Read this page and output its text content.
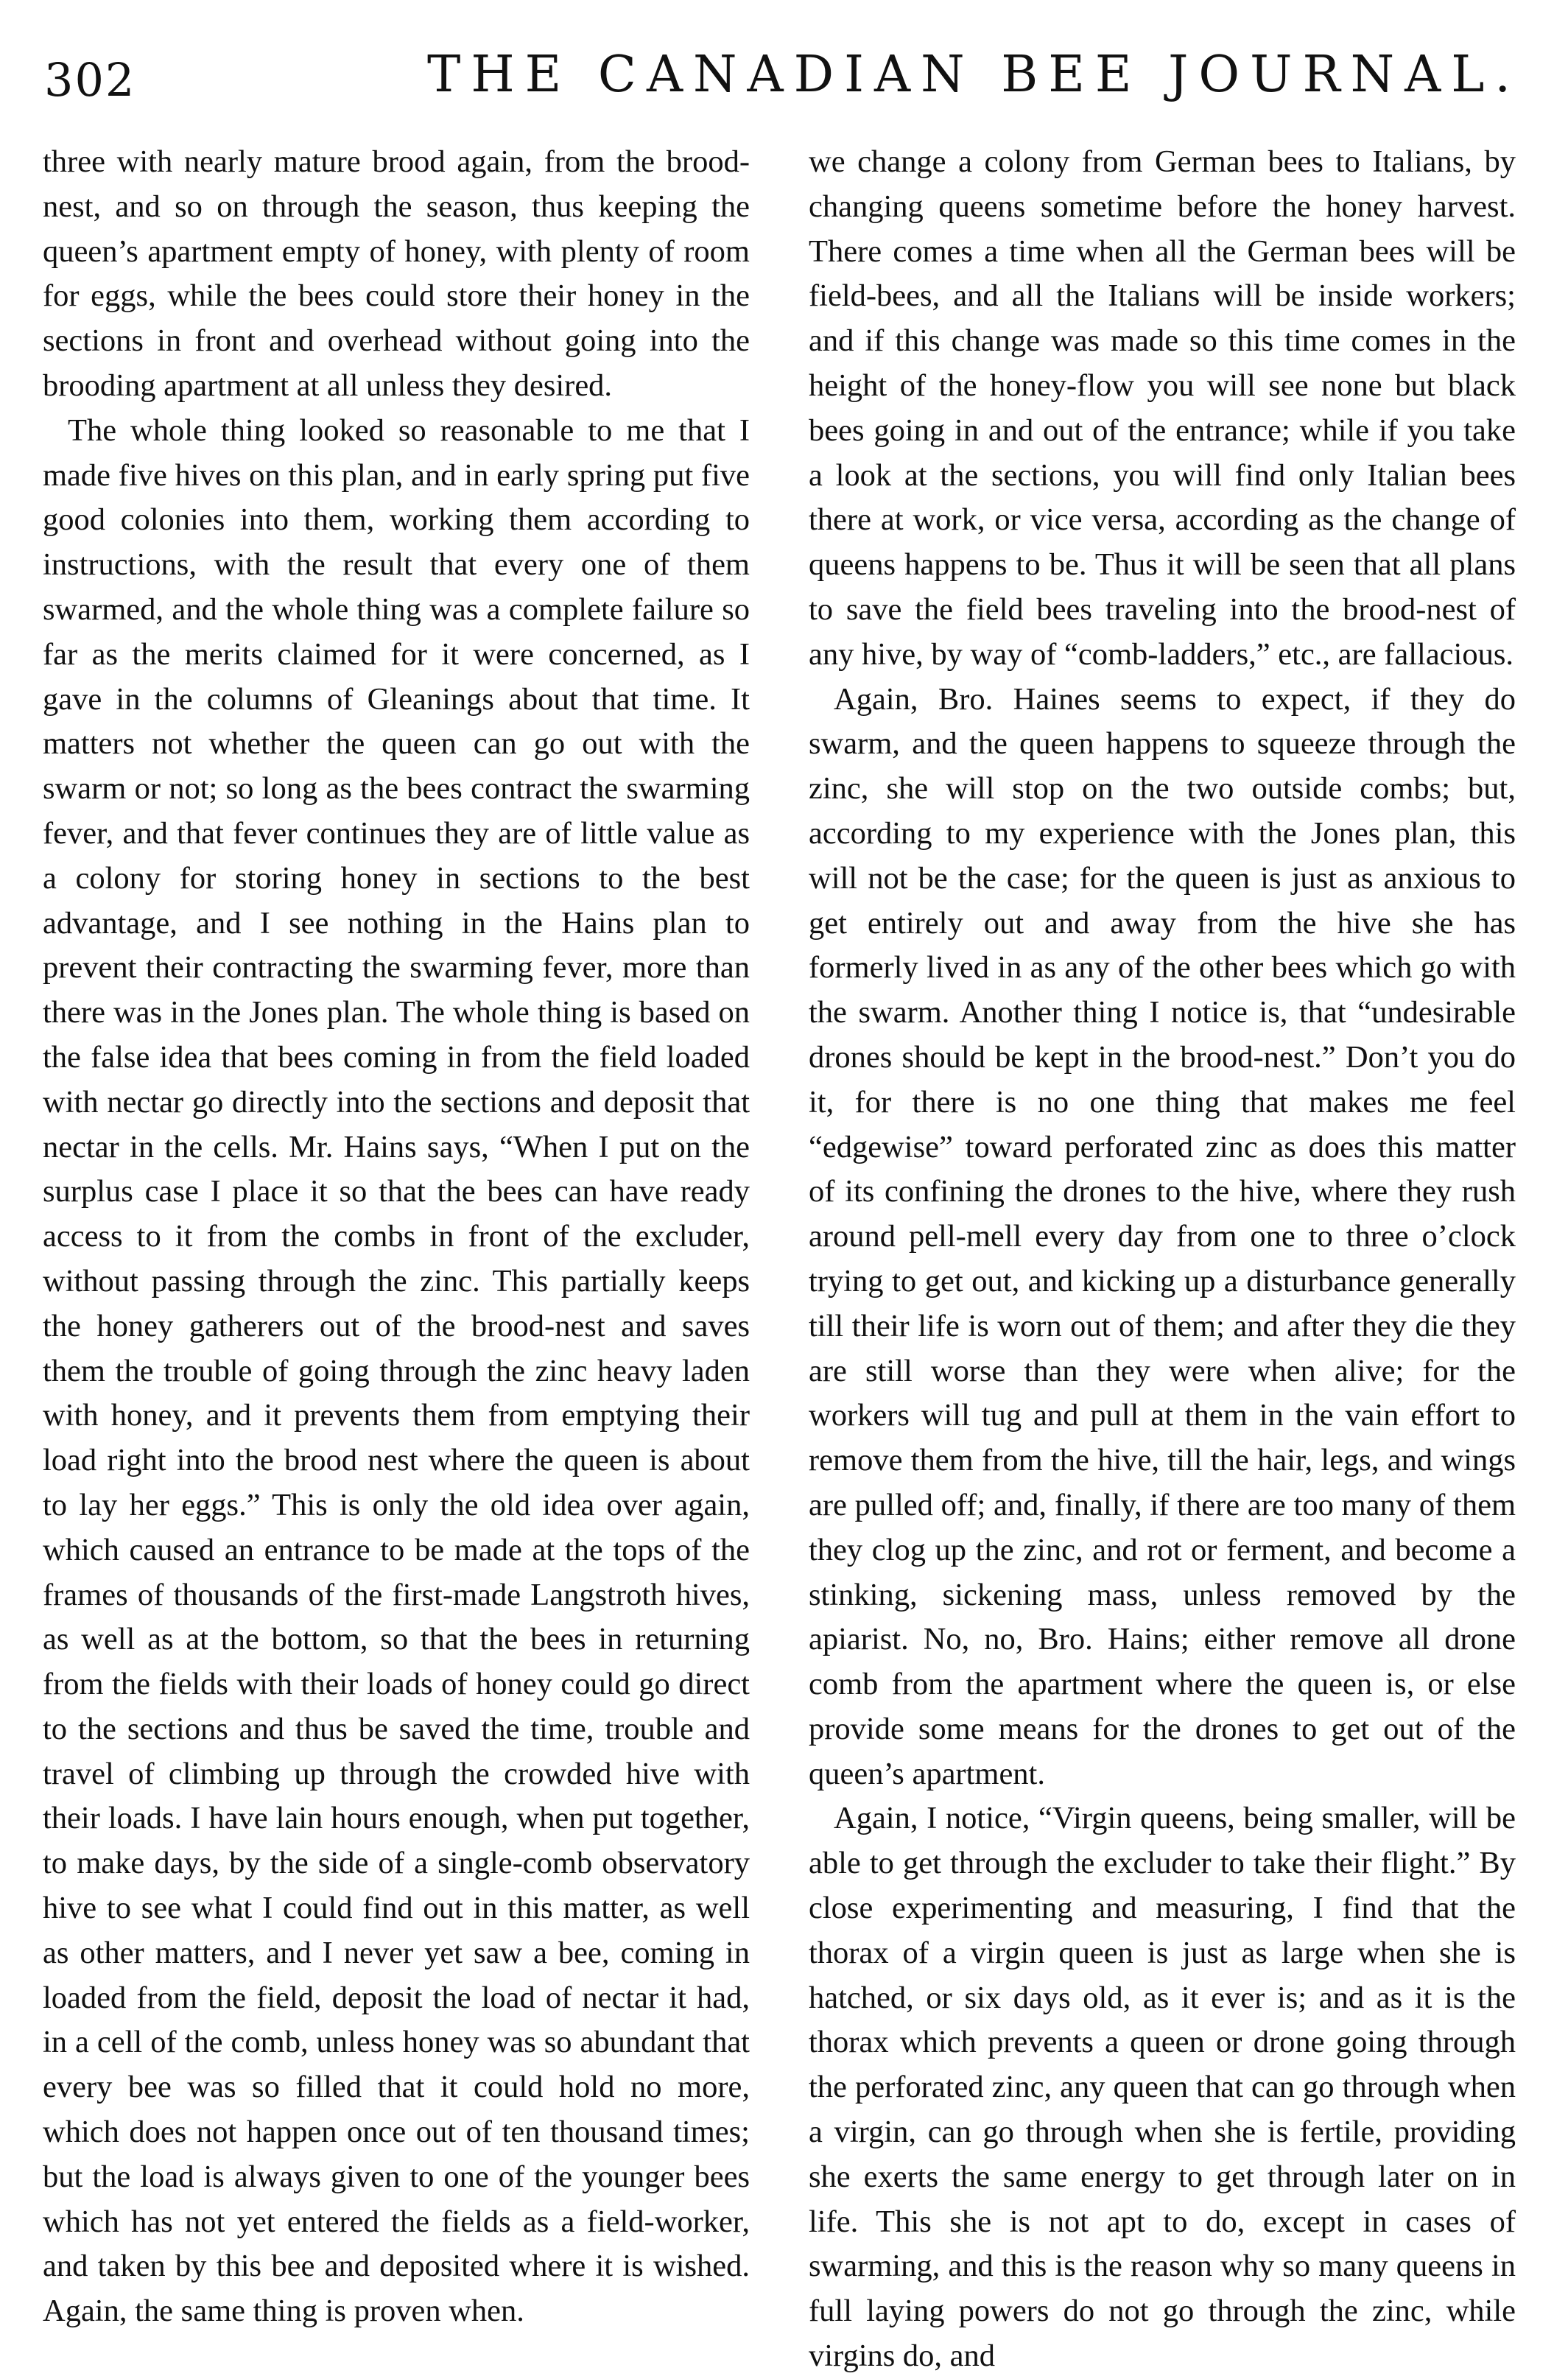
302	THE CANADIAN BEE JOURNAL.

three with nearly mature brood again, from the brood-nest, and so on through the season, thus keeping the queen’s apartment empty of honey, with plenty of room for eggs, while the bees could store their honey in the sections in front and overhead without going into the brooding apartment at all unless they desired.

The whole thing looked so reasonable to me that I made five hives on this plan, and in early spring put five good colonies into them, working them according to instructions, with the result that every one of them swarmed, and the whole thing was a complete failure so far as the merits claimed for it were concerned, as I gave in the columns of Gleanings about that time. It matters not whether the queen can go out with the swarm or not; so long as the bees contract the swarming fever, and that fever continues they are of little value as a colony for storing honey in sections to the best advantage, and I see nothing in the Hains plan to prevent their contracting the swarming fever, more than there was in the Jones plan. The whole thing is based on the false idea that bees coming in from the field loaded with nectar go directly into the sections and deposit that nectar in the cells. Mr. Hains says, “When I put on the surplus case I place it so that the bees can have ready access to it from the combs in front of the excluder, without passing through the zinc. This partially keeps the honey gatherers out of the brood-nest and saves them the trouble of going through the zinc heavy laden with honey, and it prevents them from emptying their load right into the brood nest where the queen is about to lay her eggs.” This is only the old idea over again, which caused an entrance to be made at the tops of the frames of thousands of the first-made Langstroth hives, as well as at the bottom, so that the bees in returning from the fields with their loads of honey could go direct to the sections and thus be saved the time, trouble and travel of climbing up through the crowded hive with their loads. I have lain hours enough, when put together, to make days, by the side of a single-comb observatory hive to see what I could find out in this matter, as well as other matters, and I never yet saw a bee, coming in loaded from the field, deposit the load of nectar it had, in a cell of the comb, unless honey was so abundant that every bee was so filled that it could hold no more, which does not happen once out of ten thousand times; but the load is always given to one of the younger bees which has not yet entered the fields as a field-worker, and taken by this bee and deposited where it is wished. Again, the same thing is proven when.

we change a colony from German bees to Italians, by changing queens sometime before the honey harvest. There comes a time when all the German bees will be field-bees, and all the Italians will be inside workers; and if this change was made so this time comes in the height of the honey-flow you will see none but black bees going in and out of the entrance; while if you take a look at the sections, you will find only Italian bees there at work, or vice versa, according as the change of queens happens to be. Thus it will be seen that all plans to save the field bees traveling into the brood-nest of any hive, by way of “comb-ladders,” etc., are fallacious.

Again, Bro. Haines seems to expect, if they do swarm, and the queen happens to squeeze through the zinc, she will stop on the two outside combs; but, according to my experience with the Jones plan, this will not be the case; for the queen is just as anxious to get entirely out and away from the hive she has formerly lived in as any of the other bees which go with the swarm. Another thing I notice is, that “undesirable drones should be kept in the brood-nest.” Don’t you do it, for there is no one thing that makes me feel “edgewise” toward perforated zinc as does this matter of its confining the drones to the hive, where they rush around pell-mell every day from one to three o’clock trying to get out, and kicking up a disturbance generally till their life is worn out of them; and after they die they are still worse than they were when alive; for the workers will tug and pull at them in the vain effort to remove them from the hive, till the hair, legs, and wings are pulled off; and, finally, if there are too many of them they clog up the zinc, and rot or ferment, and become a stinking, sickening mass, unless removed by the apiarist. No, no, Bro. Hains; either remove all drone comb from the apartment where the queen is, or else provide some means for the drones to get out of the queen’s apartment.

Again, I notice, “Virgin queens, being smaller, will be able to get through the excluder to take their flight.” By close experimenting and measuring, I find that the thorax of a virgin queen is just as large when she is hatched, or six days old, as it ever is; and as it is the thorax which prevents a queen or drone going through the perforated zinc, any queen that can go through when a virgin, can go through when she is fertile, providing she exerts the same energy to get through later on in life. This she is not apt to do, except in cases of swarming, and this is the reason why so many queens in full laying powers do not go through the zinc, while virgins do, and
